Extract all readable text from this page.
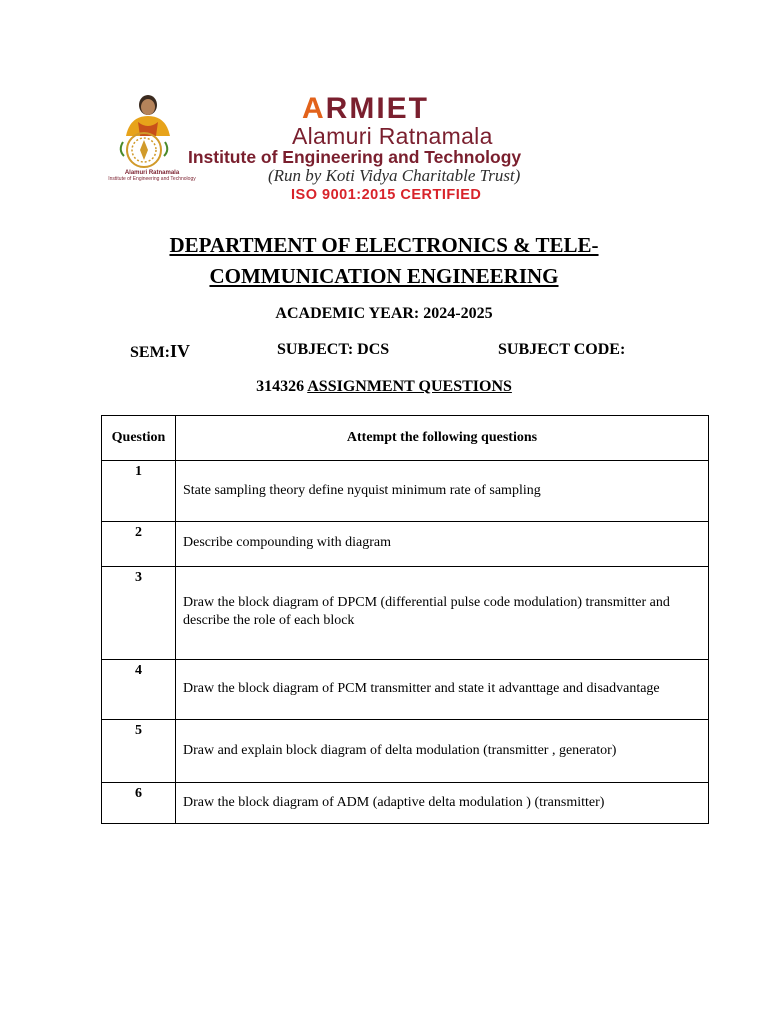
Alamuri Ratnamala
Institute of Engineering and Technology
ARMIET
Alamuri Ratnamala
Institute of Engineering and Technology
(Run by Koti Vidya Charitable Trust)
ISO 9001:2015 CERTIFIED
DEPARTMENT OF ELECTRONICS & TELE-COMMUNICATION ENGINEERING
ACADEMIC YEAR: 2024-2025
SEM:IV	SUBJECT: DCS	SUBJECT CODE:
314326 ASSIGNMENT QUESTIONS
Question	Attempt the following questions

1	State sampling theory define nyquist minimum rate of sampling

2	Describe compounding with diagram

3	Draw the block diagram of DPCM (differential pulse code modulation) transmitter and describe the role of each block

4	Draw the block diagram of PCM transmitter and state it advanttage and disadvantage

5	Draw and explain block diagram of delta modulation (transmitter , generator)

6	Draw the block diagram of ADM (adaptive delta modulation ) (transmitter)
